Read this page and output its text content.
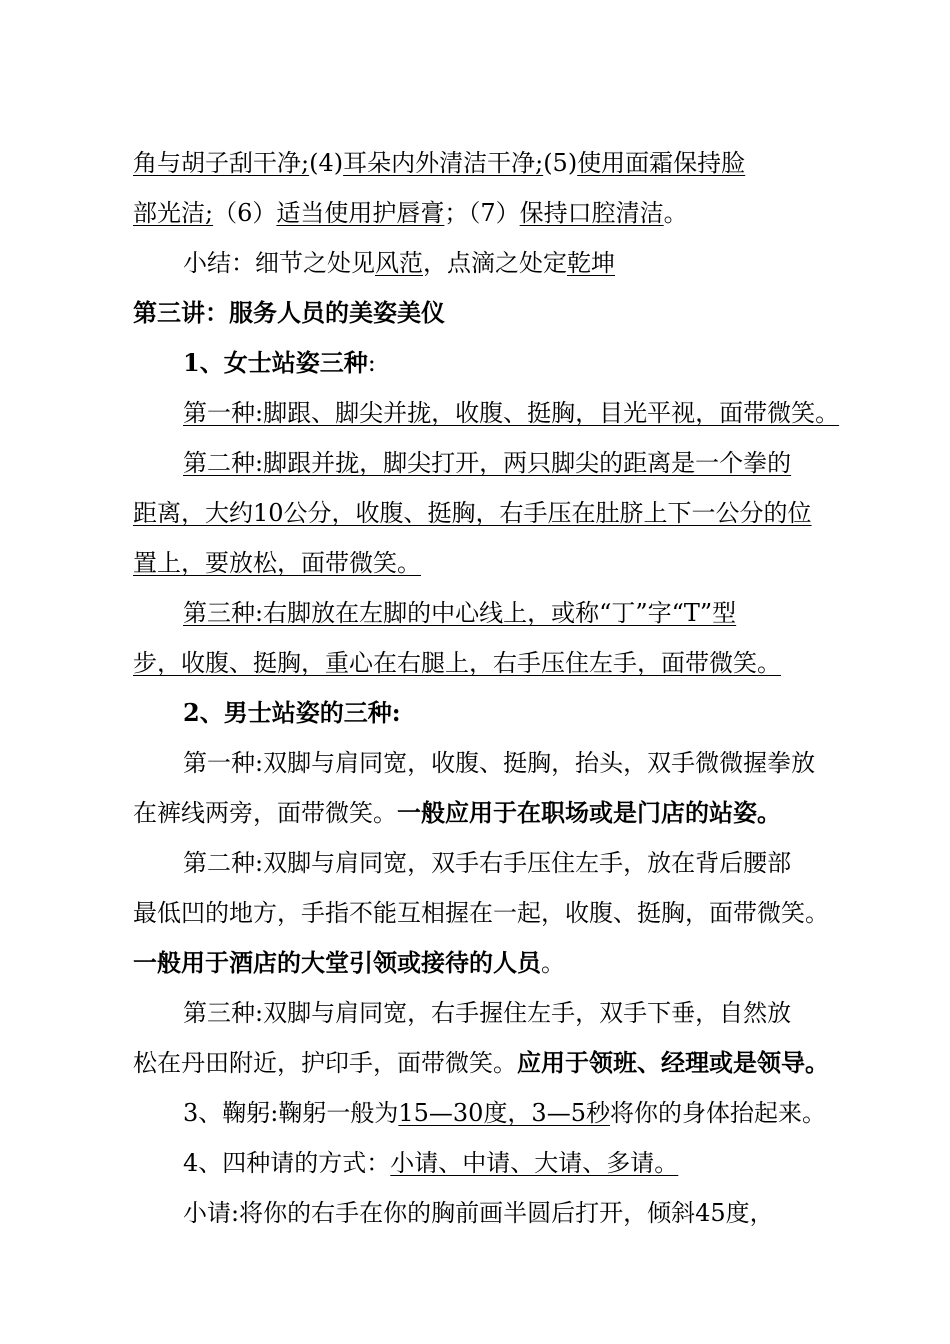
角与胡子刮干净;(4)耳朵内外清洁干净;(5)使用面霜保持脸
部光洁;（6）适当使用护唇膏；（7）保持口腔清洁。
小结：细节之处见风范，点滴之处定乾坤
第三讲：服务人员的美姿美仪
1、女士站姿三种:
第一种:脚跟、脚尖并拢，收腹、挺胸，目光平视，面带微笑。
第二种:脚跟并拢，脚尖打开，两只脚尖的距离是一个拳的
距离，大约10公分，收腹、挺胸，右手压在肚脐上下一公分的位
置上，要放松，面带微笑。
第三种:右脚放在左脚的中心线上，或称“丁”字“T”型
步，收腹、挺胸，重心在右腿上，右手压住左手，面带微笑。
2、男士站姿的三种:
第一种:双脚与肩同宽，收腹、挺胸，抬头，双手微微握拳放
在裤线两旁，面带微笑。一般应用于在职场或是门店的站姿。
第二种:双脚与肩同宽，双手右手压住左手，放在背后腰部
最低凹的地方，手指不能互相握在一起，收腹、挺胸，面带微笑。
一般用于酒店的大堂引领或接待的人员。
第三种:双脚与肩同宽，右手握住左手，双手下垂，自然放
松在丹田附近，护印手，面带微笑。应用于领班、经理或是领导。
3、鞠躬:鞠躬一般为15—30度，3—5秒将你的身体抬起来。
4、四种请的方式：小请、中请、大请、多请。
小请:将你的右手在你的胸前画半圆后打开，倾斜45度，
